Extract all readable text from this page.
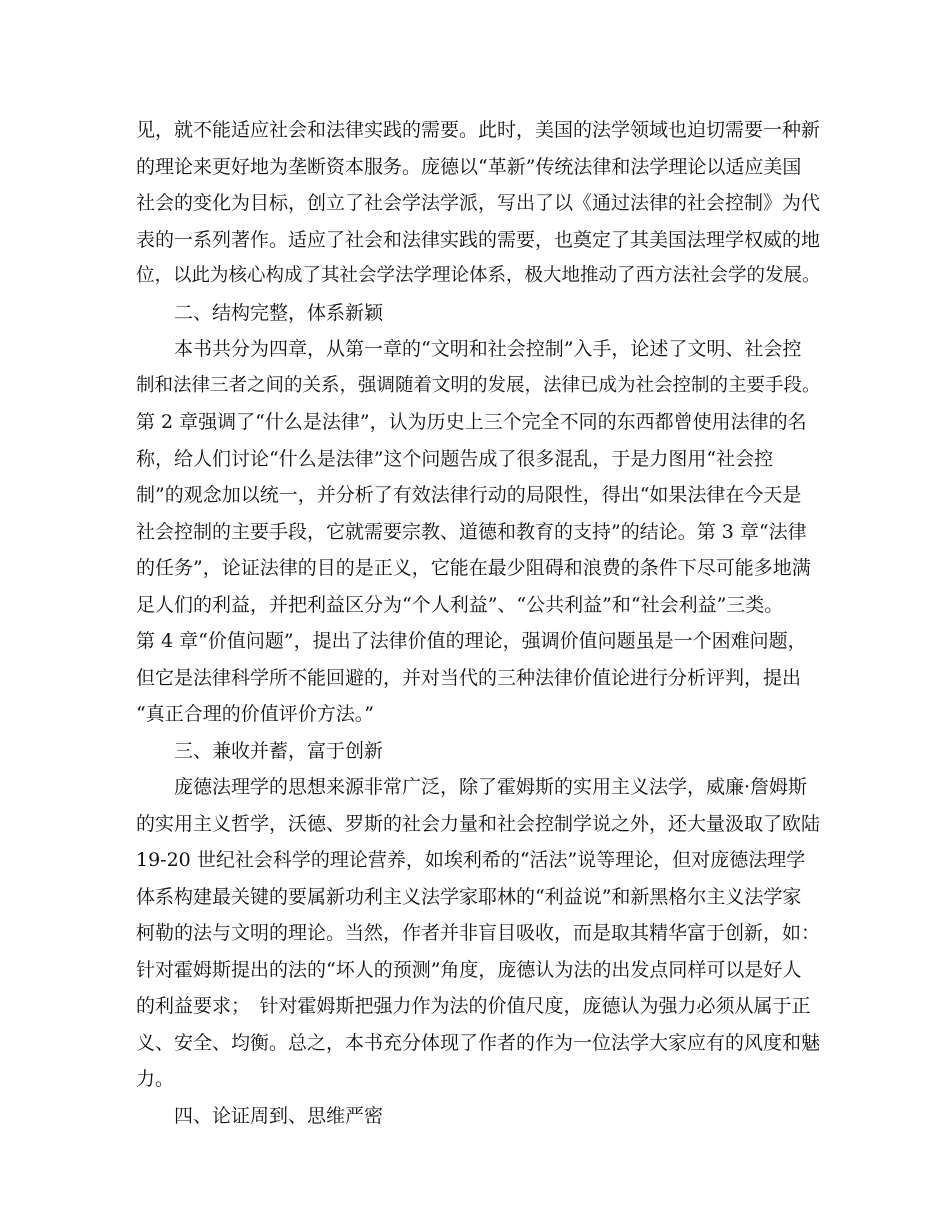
见，就不能适应社会和法律实践的需要。此时，美国的法学领域也迫切需要一种新
的理论来更好地为垄断资本服务。庞德以“革新”传统法律和法学理论以适应美国
社会的变化为目标，创立了社会学法学派，写出了以《通过法律的社会控制》为代
表的一系列著作。适应了社会和法律实践的需要，也奠定了其美国法理学权威的地
位，以此为核心构成了其社会学法学理论体系，极大地推动了西方法社会学的发展。
二、结构完整，体系新颖
本书共分为四章，从第一章的“文明和社会控制”入手，论述了文明、社会控
制和法律三者之间的关系，强调随着文明的发展，法律已成为社会控制的主要手段。
第 2 章强调了“什么是法律”，认为历史上三个完全不同的东西都曾使用法律的名
称，给人们讨论“什么是法律”这个问题告成了很多混乱，于是力图用“社会控
制”的观念加以统一，并分析了有效法律行动的局限性，得出“如果法律在今天是
社会控制的主要手段，它就需要宗教、道德和教育的支持”的结论。第 3 章“法律
的任务”，论证法律的目的是正义，它能在最少阻碍和浪费的条件下尽可能多地满
足人们的利益，并把利益区分为“个人利益”、“公共利益”和“社会利益”三类。
第 4 章“价值问题”，提出了法律价值的理论，强调价值问题虽是一个困难问题，
但它是法律科学所不能回避的，并对当代的三种法律价值论进行分析评判，提出
“真正合理的价值评价方法。”
三、兼收并蓄，富于创新
庞德法理学的思想来源非常广泛，除了霍姆斯的实用主义法学，威廉·詹姆斯
的实用主义哲学，沃德、罗斯的社会力量和社会控制学说之外，还大量汲取了欧陆
19-20 世纪社会科学的理论营养，如埃利希的“活法”说等理论，但对庞德法理学
体系构建最关键的要属新功利主义法学家耶林的“利益说”和新黑格尔主义法学家
柯勒的法与文明的理论。当然，作者并非盲目吸收，而是取其精华富于创新，如：
针对霍姆斯提出的法的“坏人的预测”角度，庞德认为法的出发点同样可以是好人
的利益要求；　针对霍姆斯把强力作为法的价值尺度，庞德认为强力必须从属于正
义、安全、均衡。总之，本书充分体现了作者的作为一位法学大家应有的风度和魅
力。
四、论证周到、思维严密
